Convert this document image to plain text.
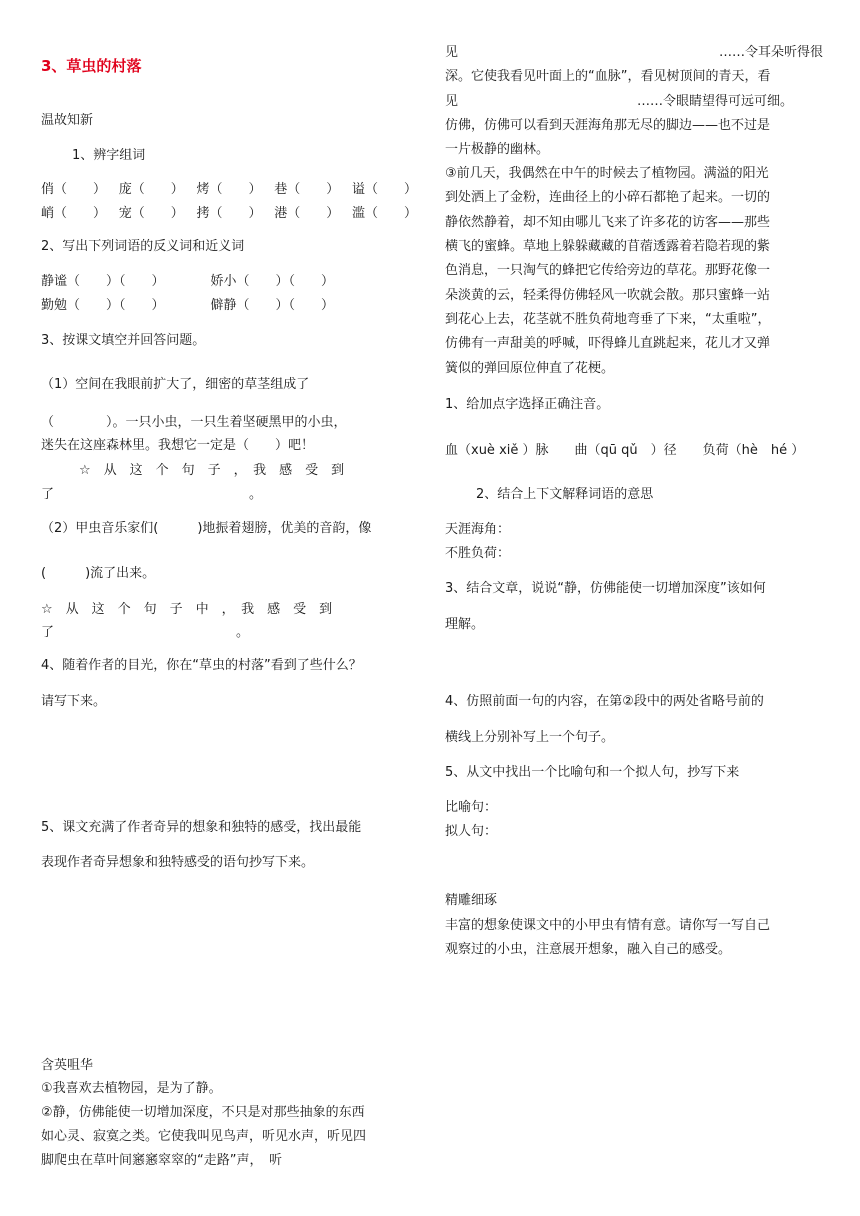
3、草虫的村落
温故知新
1、辨字组词
俏（　　） 庞（　　） 烤（　　） 巷（　　） 谥（　　）
峭（　　） 宠（　　） 拷（　　） 港（　　） 滥（　　）
2、写出下列词语的反义词和近义词
静谧（　　）（　　）	娇小（　　）（　　）
勤勉（　　）（　　）	僻静（　　）（　　）
3、按课文填空并回答问题。
（1）空间在我眼前扩大了，细密的草茎组成了
（　　　　）。一只小虫，一只生着坚硬黑甲的小虫，
迷失在这座森林里。我想它一定是（　　）吧！
☆　从　这　个　句　子　，　我　感　受　到
了　　　　　　　　　　　　　　　。
（2）甲虫音乐家们(　　　)地振着翅膀，优美的音韵，像
(　　　)流了出来。
☆　从　这　个　句　子　中　，　我　感　受　到
了　　　　　　　　　　　　　　。
4、随着作者的目光，你在“草虫的村落”看到了些什么？
请写下来。
5、课文充满了作者奇异的想象和独特的感受，找出最能
表现作者奇异想象和独特感受的语句抄写下来。
含英咀华
①我喜欢去植物园，是为了静。
②静，仿佛能使一切增加深度，不只是对那些抽象的东西
如心灵、寂寞之类。它使我叫见鸟声，听见水声，听见四
脚爬虫在草叶间窸窸窣窣的“走路”声，　听
见	……令耳朵听得很
深。它使我看见叶面上的“血脉”，看见树顶间的青天，看
见	……令眼睛望得可远可细。
仿佛，仿佛可以看到天涯海角那无尽的脚边——也不过是
一片极静的幽林。
③前几天，我偶然在中午的时候去了植物园。满溢的阳光
到处洒上了金粉，连曲径上的小碎石都艳了起来。一切的
静依然静着，却不知由哪儿飞来了许多花的访客——那些
横飞的蜜蜂。草地上躲躲藏藏的苜蓿透露着若隐若现的紫
色消息，一只淘气的蜂把它传给旁边的草花。那野花像一
朵淡黄的云，轻柔得仿佛轻风一吹就会散。那只蜜蜂一站
到花心上去，花茎就不胜负荷地弯垂了下来，“太重啦”，
仿佛有一声甜美的呼喊，吓得蜂儿直跳起来，花儿才又弹
簧似的弹回原位伸直了花梗。
1、给加点字选择正确注音。
血（xuè xiě ）脉　　曲（qū qǔ　）径　　负荷（hè　hé ）
2、结合上下文解释词语的意思
天涯海角：
不胜负荷：
3、结合文章，说说“静，仿佛能使一切增加深度”该如何
理解。
4、仿照前面一句的内容，在第②段中的两处省略号前的
横线上分别补写上一个句子。
5、从文中找出一个比喻句和一个拟人句，抄写下来
比喻句：
拟人句：
精雕细琢
丰富的想象使课文中的小甲虫有情有意。请你写一写自己
观察过的小虫，注意展开想象，融入自己的感受。
